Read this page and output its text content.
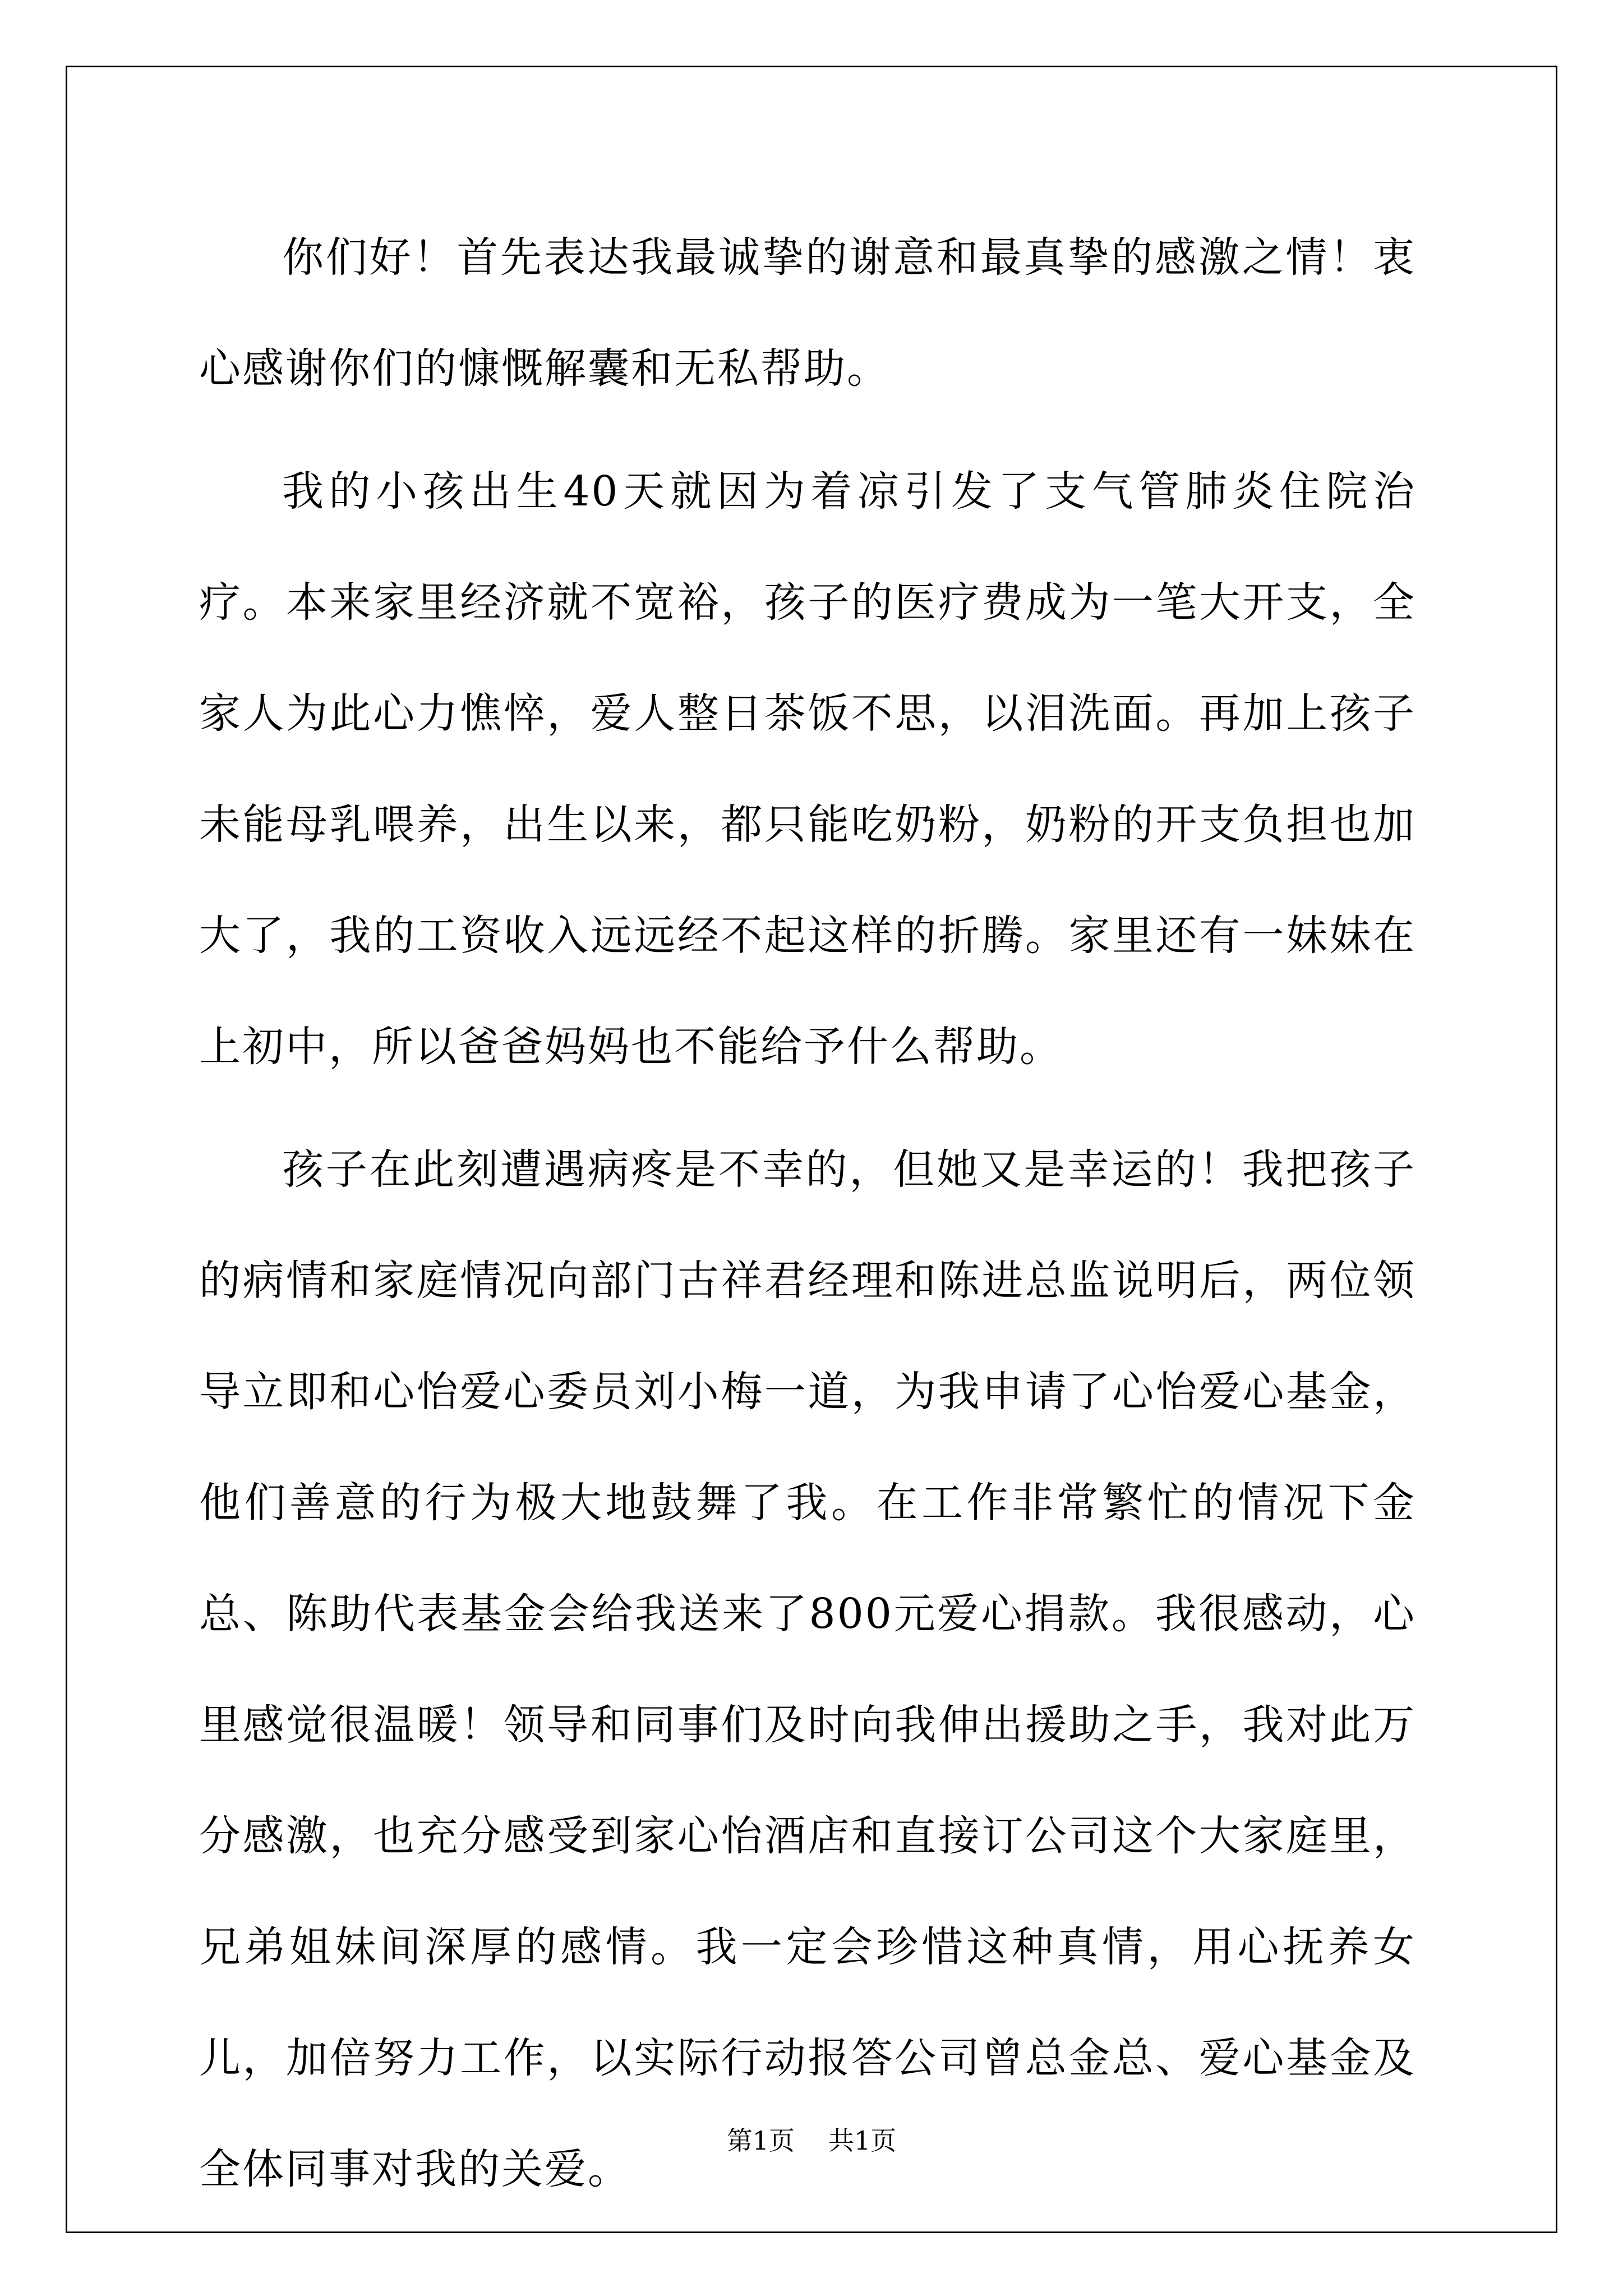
你们好！首先表达我最诚挚的谢意和最真挚的感激之情！衷心感谢你们的慷慨解囊和无私帮助。

我的小孩出生40天就因为着凉引发了支气管肺炎住院治疗。本来家里经济就不宽裕，孩子的医疗费成为一笔大开支，全家人为此心力憔悴，爱人整日茶饭不思，以泪洗面。再加上孩子未能母乳喂养，出生以来，都只能吃奶粉，奶粉的开支负担也加大了，我的工资收入远远经不起这样的折腾。家里还有一妹妹在上初中，所以爸爸妈妈也不能给予什么帮助。

孩子在此刻遭遇病疼是不幸的，但她又是幸运的！我把孩子的病情和家庭情况向部门古祥君经理和陈进总监说明后，两位领导立即和心怡爱心委员刘小梅一道，为我申请了心怡爱心基金，他们善意的行为极大地鼓舞了我。在工作非常繁忙的情况下金总、陈助代表基金会给我送来了800元爱心捐款。我很感动，心里感觉很温暖！领导和同事们及时向我伸出援助之手，我对此万分感激，也充分感受到家心怡酒店和直接订公司这个大家庭里，兄弟姐妹间深厚的感情。我一定会珍惜这种真情，用心抚养女儿，加倍努力工作，以实际行动报答公司曾总金总、爱心基金及全体同事对我的关爱。

第1页 共1页
